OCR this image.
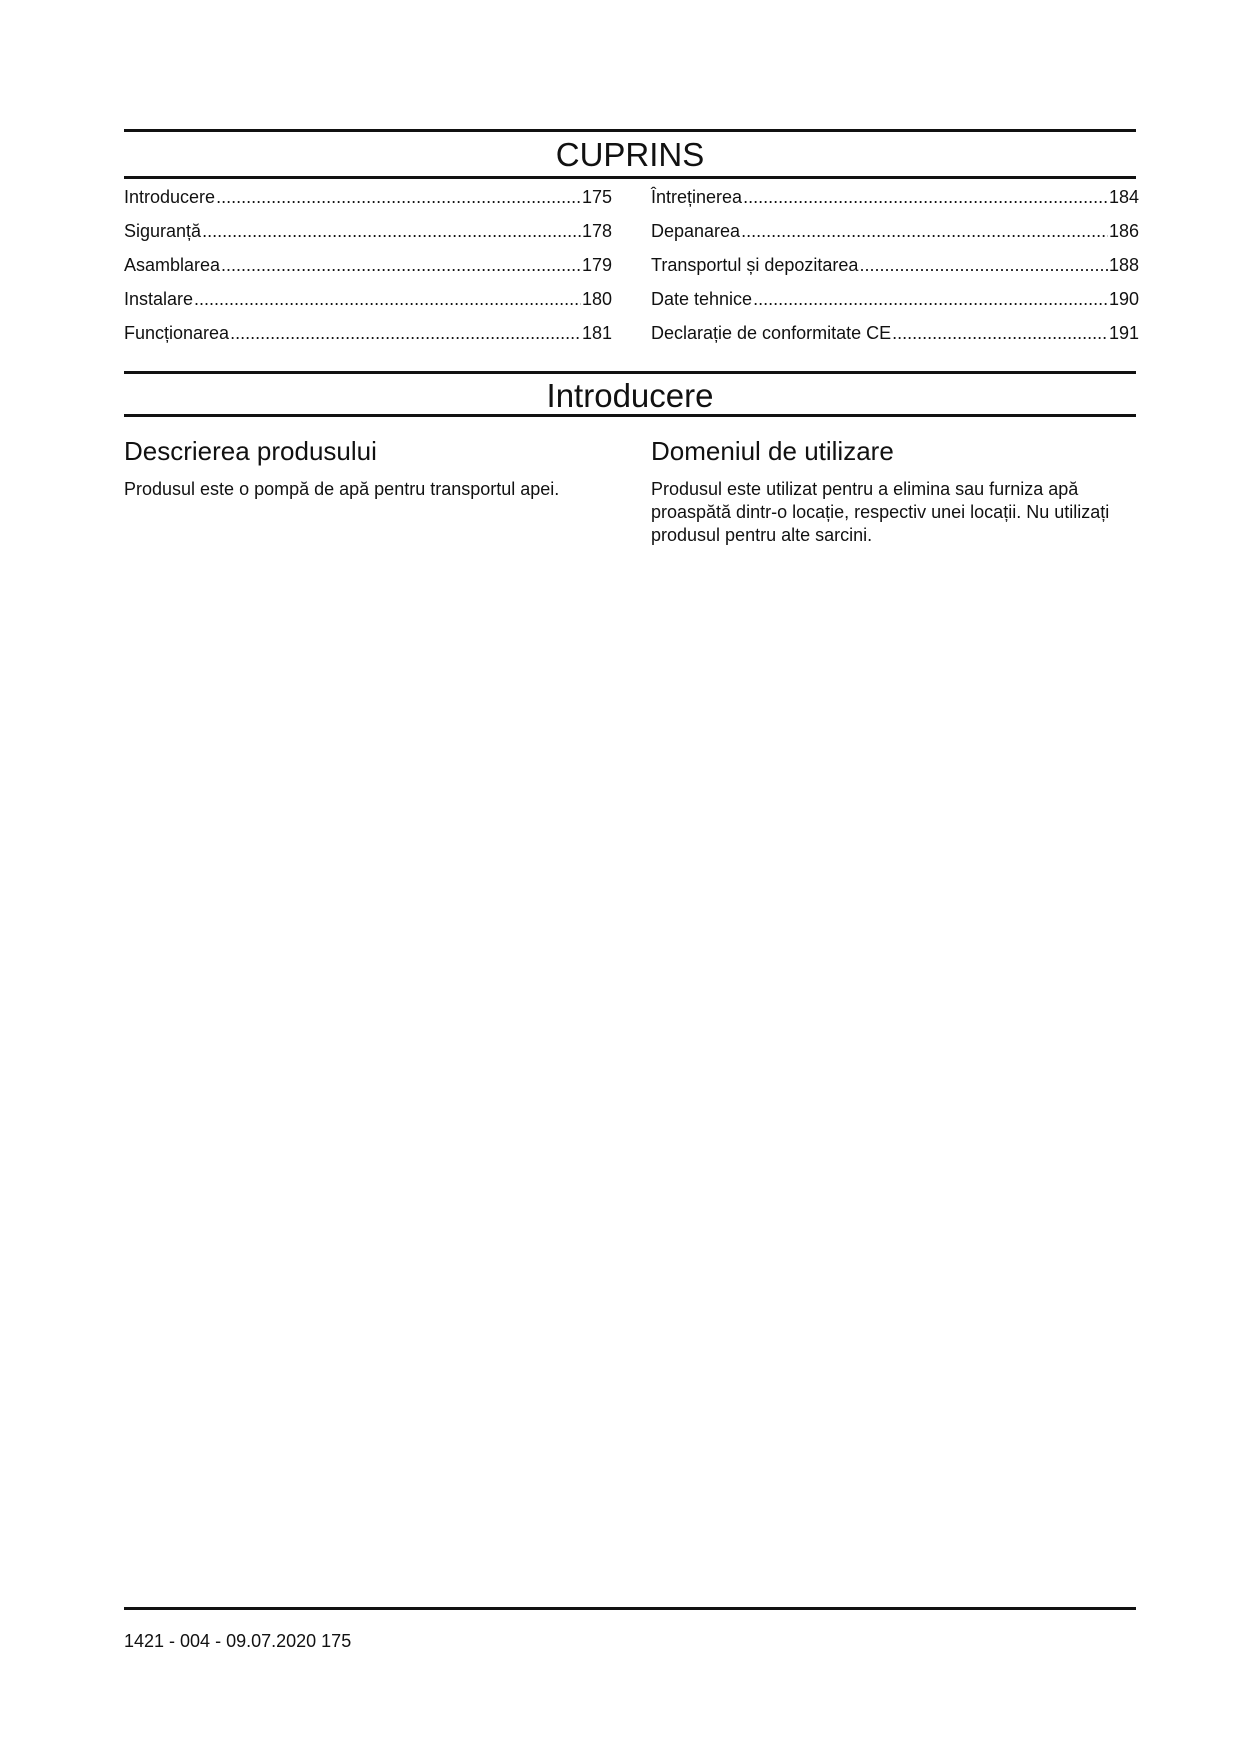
CUPRINS
Introducere .....	175
Siguranță .....	178
Asamblarea .....	179
Instalare .....	180
Funcționarea .....	181
Întreținerea .....	184
Depanarea .....	186
Transportul și depozitarea .....	188
Date tehnice .....	190
Declarație de conformitate CE .....	191
Introducere
Descrierea produsului

Produsul este o pompă de apă pentru transportul apei.

Domeniul de utilizare

Produsul este utilizat pentru a elimina sau furniza apă proaspătă dintr-o locație, respectiv unei locații. Nu utilizați produsul pentru alte sarcini.

1421 - 004 - 09.07.2020 175
